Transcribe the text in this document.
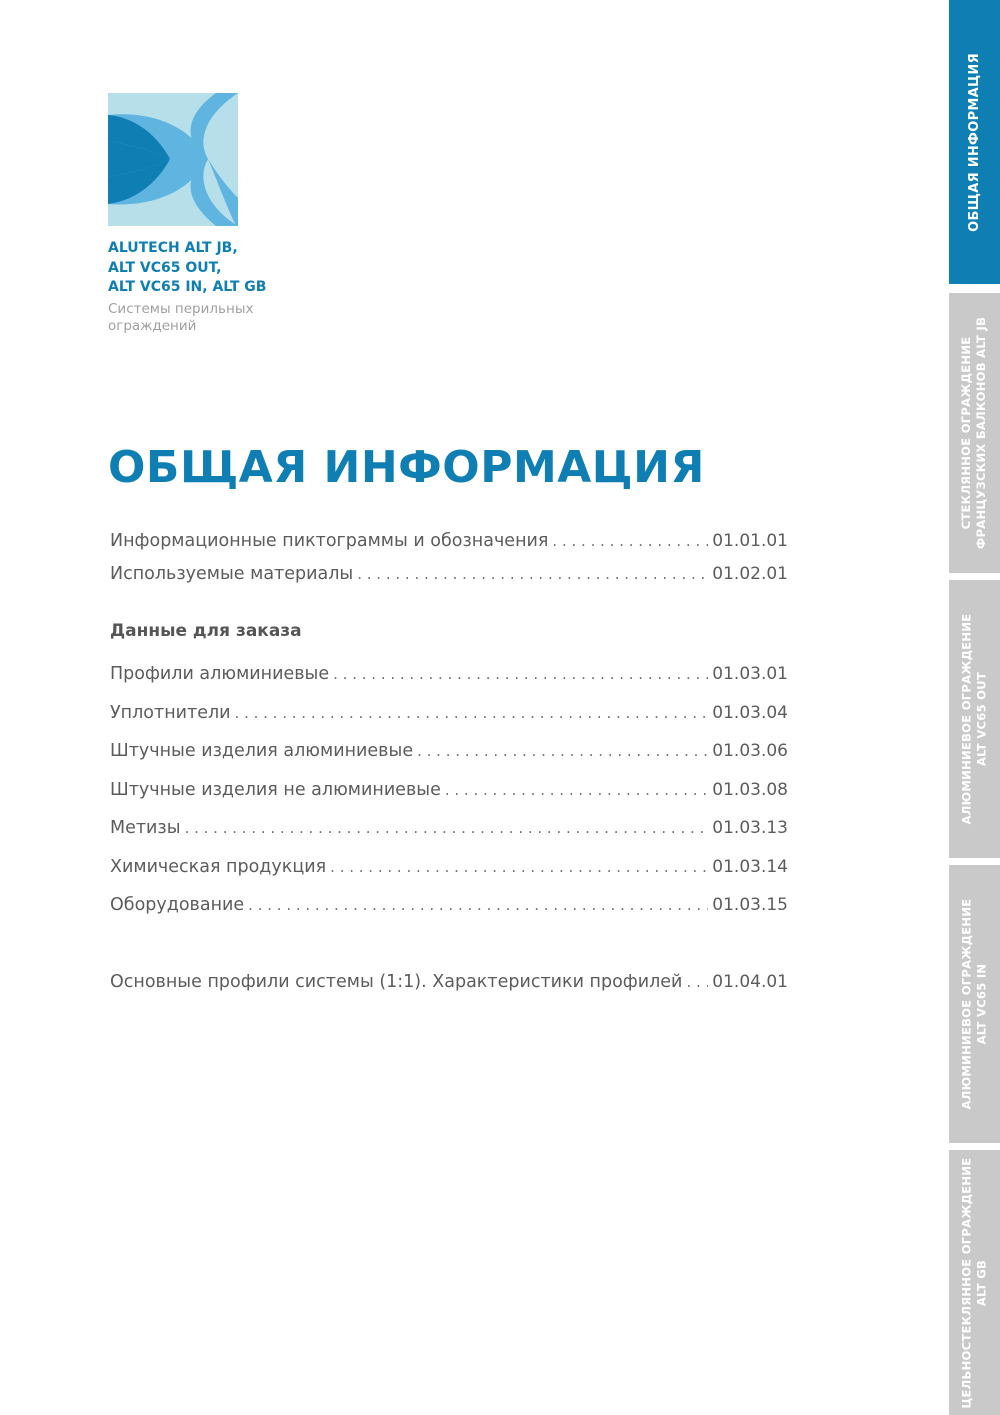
ALUTECH ALT JB,

ALT VC65 OUT,

ALT VC65 IN, ALT GB

Системы перильных
ограждений
ОБЩАЯ ИНФОРМАЦИЯ
Информационные пиктограммы и обозначения . . .	01.01.01
Используемые материалы . . .	01.02.01
Данные для заказа
Профили алюминиевые . . .	01.03.01
Уплотнители . . .	01.03.04
Штучные изделия алюминиевые . . .	01.03.06
Штучные изделия не алюминиевые . . .	01.03.08
Метизы . . .	01.03.13
Химическая продукция . . .	01.03.14
Оборудование . . .	01.03.15
Основные профили системы (1:1). Характеристики профилей . . . 01.04.01
ОБЩАЯ ИНФОРМАЦИЯ
СТЕКЛЯННОЕ ОГРАЖДЕНИЕ ФРАНЦУЗСКИХ БАЛКОНОВ ALT JB
АЛЮМИНИЕВОЕ ОГРАЖДЕНИЕ ALT VC65 OUT
АЛЮМИНИЕВОЕ ОГРАЖДЕНИЕ ALT VC65 IN
ЦЕЛЬНОСТЕКЛЯННОЕ ОГРАЖДЕНИЕ ALT GB
